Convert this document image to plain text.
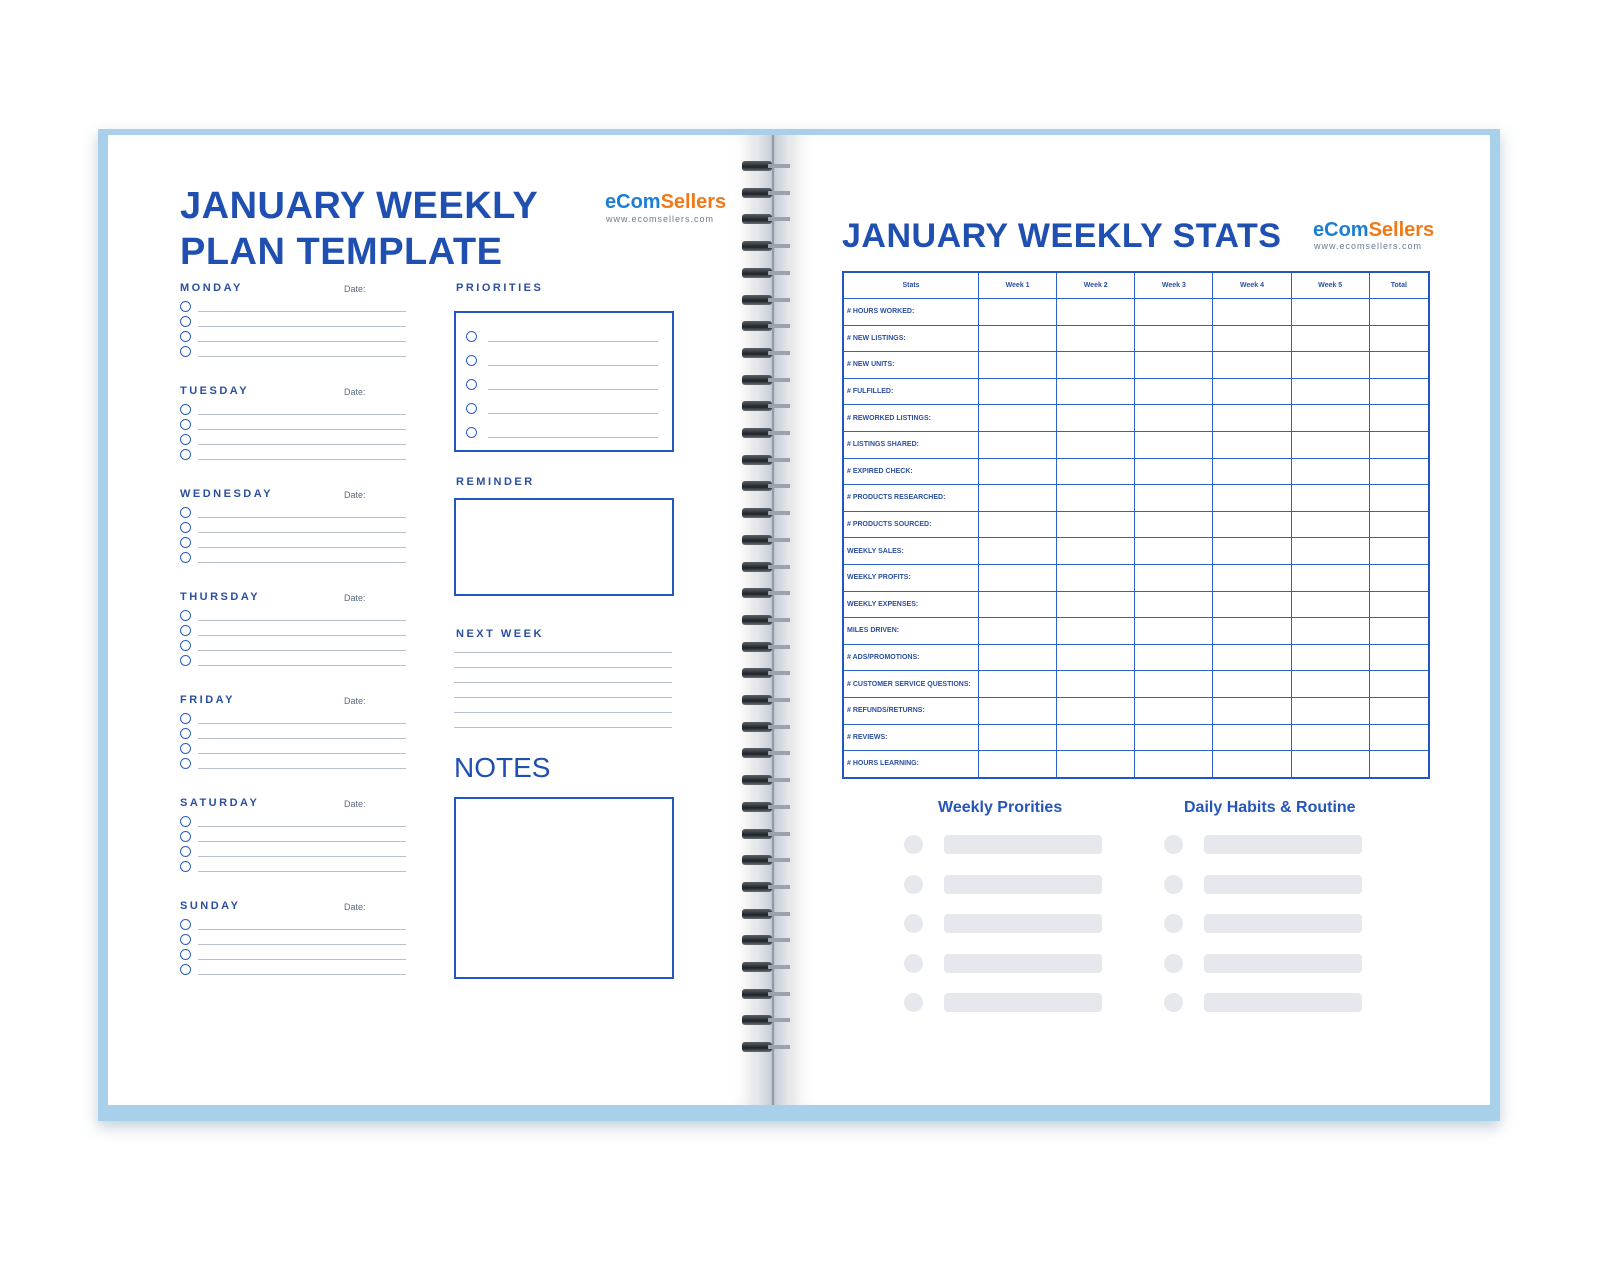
JANUARY WEEKLY
PLAN TEMPLATE
eComSellers
www.ecomsellers.com
MONDAY	Date:
TUESDAY	Date:
WEDNESDAY	Date:
THURSDAY	Date:
FRIDAY	Date:
SATURDAY	Date:
SUNDAY	Date:
PRIORITIES
REMINDER
NEXT WEEK
NOTES
JANUARY WEEKLY STATS eComSellers
www.ecomsellers.com
Stats	Week 1	Week 2	Week 3	Week 4	Week 5	Total
# HOURS WORKED:						
# NEW LISTINGS:						
# NEW UNITS:						
# FULFILLED:						
# REWORKED LISTINGS:						
# LISTINGS SHARED:						
# EXPIRED CHECK:						
# PRODUCTS RESEARCHED:						
# PRODUCTS SOURCED:						
WEEKLY SALES:						
WEEKLY PROFITS:						
WEEKLY EXPENSES:						
MILES DRIVEN:						
# ADS/PROMOTIONS:						
# CUSTOMER SERVICE QUESTIONS:						
# REFUNDS/RETURNS:						
# REVIEWS:						
# HOURS LEARNING:						
Weekly Prorities	Daily Habits & Routine
